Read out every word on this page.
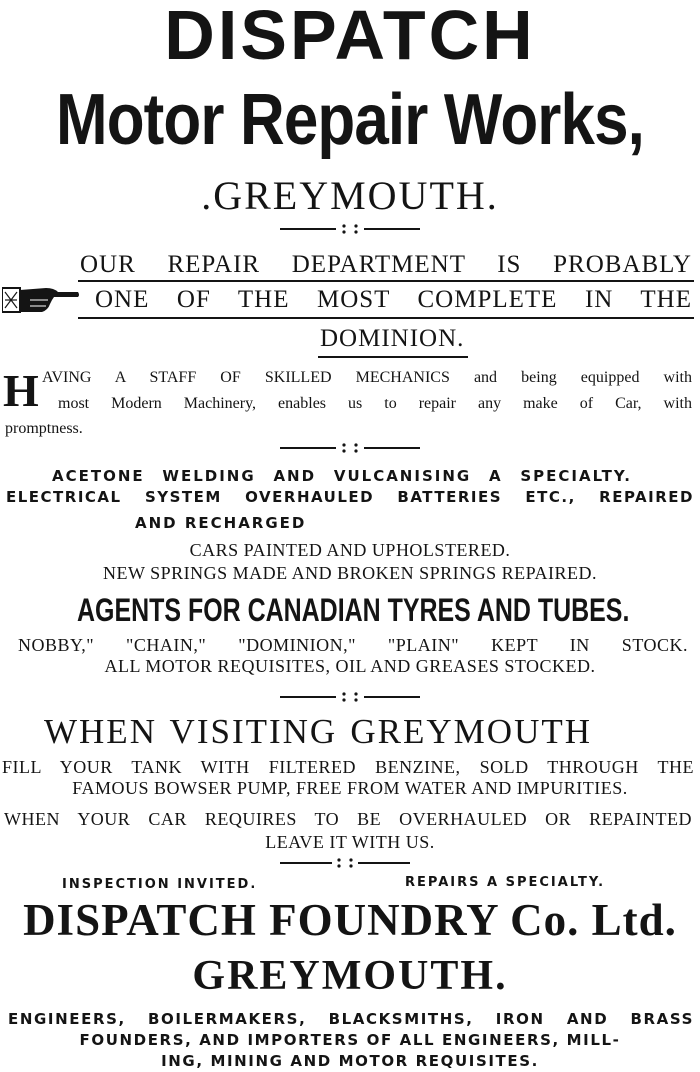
DISPATCH
Motor Repair Works,
.GREYMOUTH.
OUR REPAIR DEPARTMENT IS PROBABLY
ONE OF THE MOST COMPLETE IN THE
DOMINION.
H AVING A STAFF OF SKILLED MECHANICS and being equipped with
most Modern Machinery, enables us to repair any make of Car, with
promptness.
ACETONE WELDING AND VULCANISING A SPECIALTY.
ELECTRICAL SYSTEM OVERHAULED BATTERIES ETC., REPAIRED
AND RECHARGED
CARS PAINTED AND UPHOLSTERED.
NEW SPRINGS MADE AND BROKEN SPRINGS REPAIRED.
AGENTS FOR CANADIAN TYRES AND TUBES.
NOBBY," "CHAIN," "DOMINION," "PLAIN" KEPT IN STOCK.
ALL MOTOR REQUISITES, OIL AND GREASES STOCKED.
WHEN VISITING GREYMOUTH
FILL YOUR TANK WITH FILTERED BENZINE, SOLD THROUGH THE
FAMOUS BOWSER PUMP, FREE FROM WATER AND IMPURITIES.
WHEN YOUR CAR REQUIRES TO BE OVERHAULED OR REPAINTED
LEAVE IT WITH US.
INSPECTION INVITED.	REPAIRS A SPECIALTY.
DISPATCH FOUNDRY Co. Ltd.
GREYMOUTH.
ENGINEERS, BOILERMAKERS, BLACKSMITHS, IRON AND BRASS
FOUNDERS, AND IMPORTERS OF ALL ENGINEERS, MILL-
ING, MINING AND MOTOR REQUISITES.
